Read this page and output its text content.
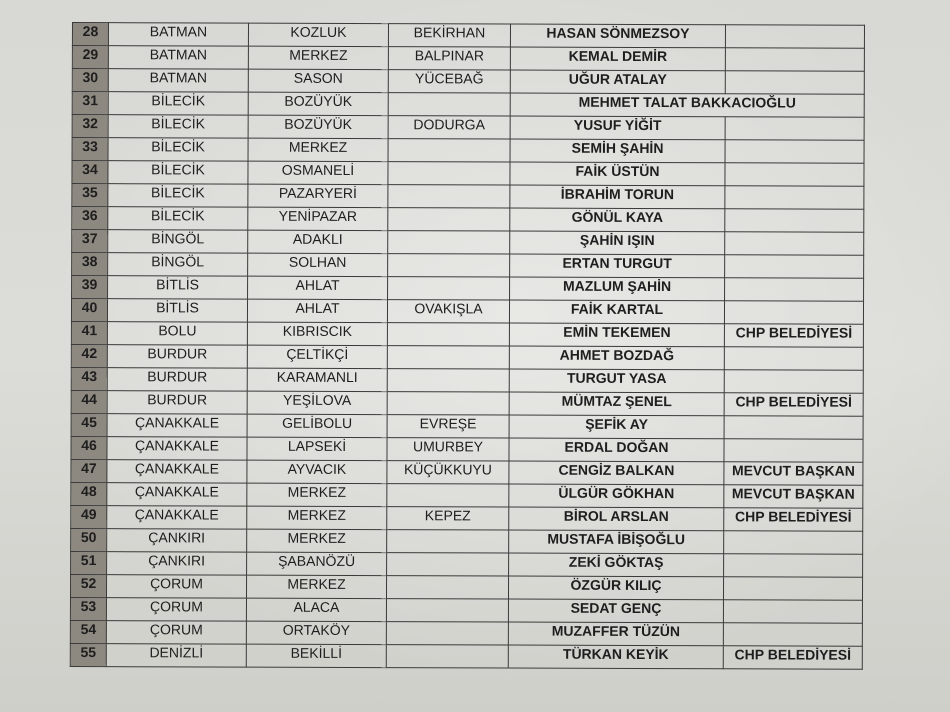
28	BATMAN	KOZLUK	BEKİRHAN	HASAN SÖNMEZSOY	
29	BATMAN	MERKEZ	BALPINAR	KEMAL DEMİR	
30	BATMAN	SASON	YÜCEBAĞ	UĞUR ATALAY	
31	BİLECİK	BOZÜYÜK		MEHMET TALAT BAKKACIOĞLU	
32	BİLECİK	BOZÜYÜK	DODURGA	YUSUF YİĞİT	
33	BİLECİK	MERKEZ		SEMİH ŞAHİN	
34	BİLECİK	OSMANELİ		FAİK ÜSTÜN	
35	BİLECİK	PAZARYERİ		İBRAHİM TORUN	
36	BİLECİK	YENİPAZAR		GÖNÜL KAYA	
37	BİNGÖL	ADAKLI		ŞAHİN IŞIN	
38	BİNGÖL	SOLHAN		ERTAN TURGUT	
39	BİTLİS	AHLAT		MAZLUM ŞAHİN	
40	BİTLİS	AHLAT	OVAKIŞLA	FAİK KARTAL	
41	BOLU	KIBRISCIK		EMİN TEKEMEN	CHP BELEDİYESİ
42	BURDUR	ÇELTİKÇİ		AHMET BOZDAĞ	
43	BURDUR	KARAMANLI		TURGUT YASA	
44	BURDUR	YEŞİLOVA		MÜMTAZ ŞENEL	CHP BELEDİYESİ
45	ÇANAKKALE	GELİBOLU	EVREŞE	ŞEFİK AY	
46	ÇANAKKALE	LAPSEKİ	UMURBEY	ERDAL DOĞAN	
47	ÇANAKKALE	AYVACIK	KÜÇÜKKUYU	CENGİZ BALKAN	MEVCUT BAŞKAN
48	ÇANAKKALE	MERKEZ		ÜLGÜR GÖKHAN	MEVCUT BAŞKAN
49	ÇANAKKALE	MERKEZ	KEPEZ	BİROL ARSLAN	CHP BELEDİYESİ
50	ÇANKIRI	MERKEZ		MUSTAFA İBİŞOĞLU	
51	ÇANKIRI	ŞABANÖZÜ		ZEKİ GÖKTAŞ	
52	ÇORUM	MERKEZ		ÖZGÜR KILIÇ	
53	ÇORUM	ALACA		SEDAT GENÇ	
54	ÇORUM	ORTAKÖY		MUZAFFER TÜZÜN	
55	DENİZLİ	BEKİLLİ		TÜRKAN KEYİK	CHP BELEDİYESİ
